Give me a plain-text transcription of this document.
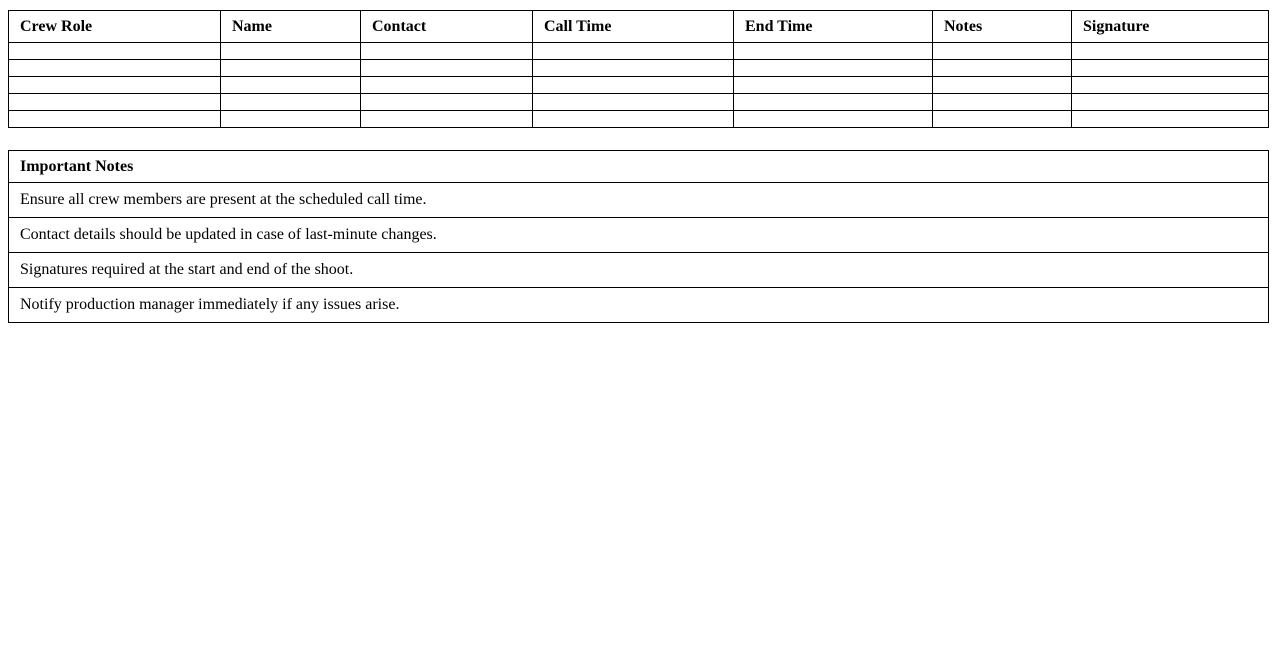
Crew Role	Name	Contact	Call Time	End Time	Notes	Signature

Important Notes
Ensure all crew members are present at the scheduled call time.
Contact details should be updated in case of last-minute changes.
Signatures required at the start and end of the shoot.
Notify production manager immediately if any issues arise.
